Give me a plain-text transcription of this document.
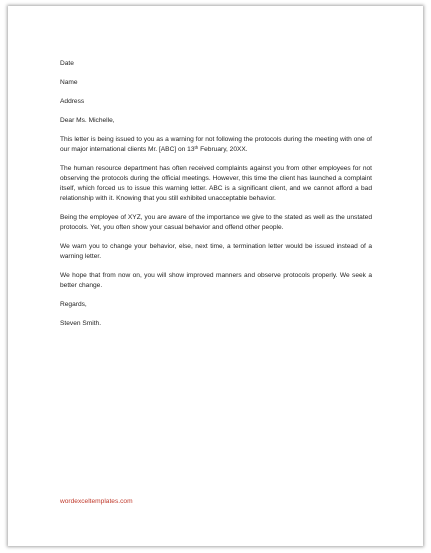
Date

Name

Address

Dear Ms. Michelle,

This letter is being issued to you as a warning for not following the protocols during the meeting with one of our major international clients Mr. [ABC] on 13th February, 20XX.

The human resource department has often received complaints against you from other employees for not observing the protocols during the official meetings. However, this time the client has launched a complaint itself, which forced us to issue this warning letter. ABC is a significant client, and we cannot afford a bad relationship with it. Knowing that you still exhibited unacceptable behavior.

Being the employee of XYZ, you are aware of the importance we give to the stated as well as the unstated protocols. Yet, you often show your casual behavior and offend other people.

We warn you to change your behavior, else, next time, a termination letter would be issued instead of a warning letter.

We hope that from now on, you will show improved manners and observe protocols properly. We seek a better change.

Regards,

Steven Smith.

wordexceltemplates.com
